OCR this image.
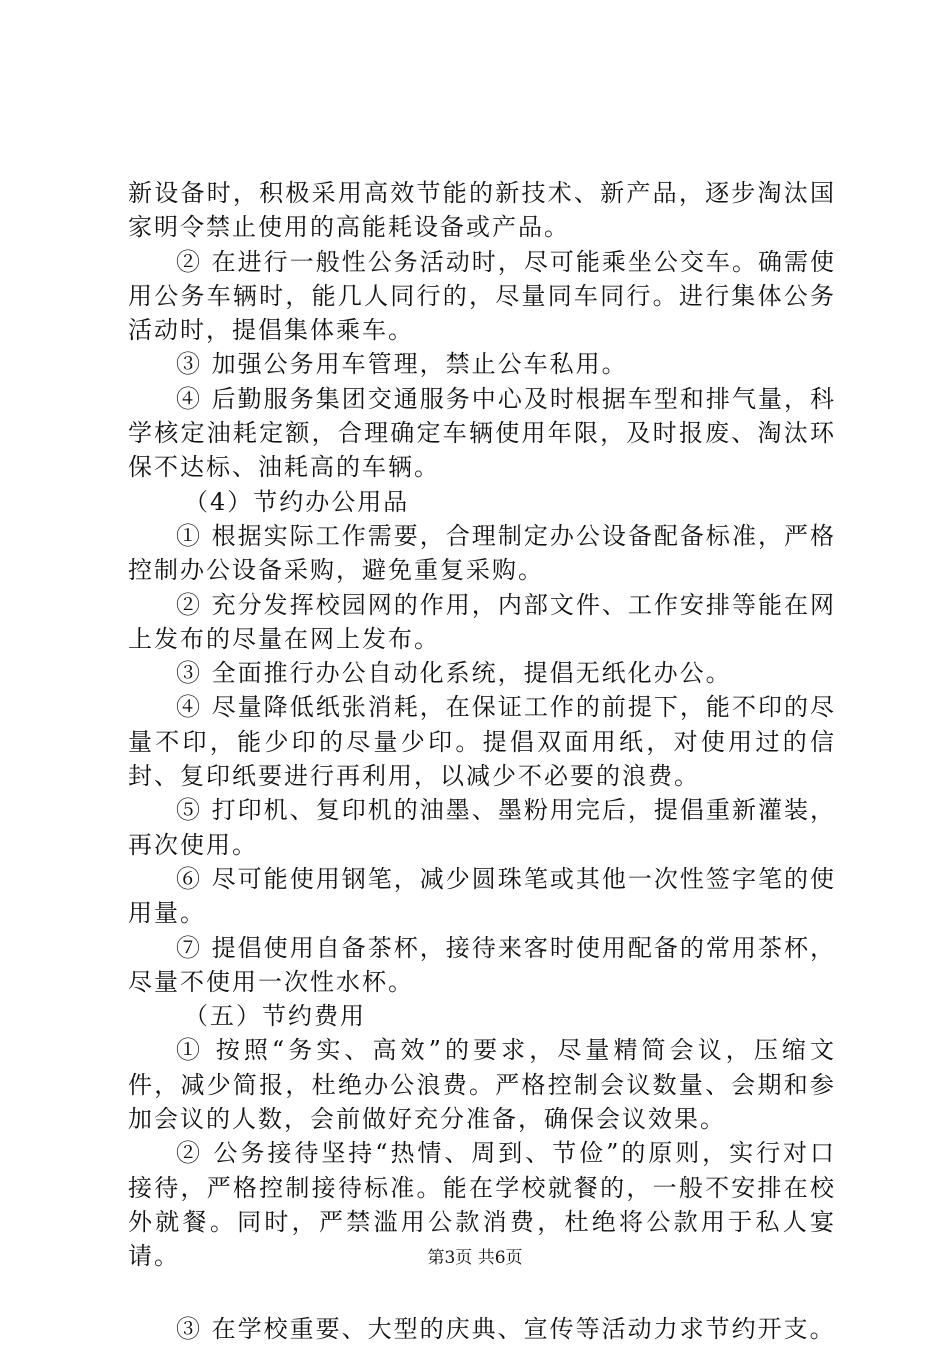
新设备时，积极采用高效节能的新技术、新产品，逐步淘汰国家明令禁止使用的高能耗设备或产品。

② 在进行一般性公务活动时，尽可能乘坐公交车。确需使用公务车辆时，能几人同行的，尽量同车同行。进行集体公务活动时，提倡集体乘车。

③ 加强公务用车管理，禁止公车私用。

④ 后勤服务集团交通服务中心及时根据车型和排气量，科学核定油耗定额，合理确定车辆使用年限，及时报废、淘汰环保不达标、油耗高的车辆。

（4）节约办公用品

① 根据实际工作需要，合理制定办公设备配备标准，严格控制办公设备采购，避免重复采购。

② 充分发挥校园网的作用，内部文件、工作安排等能在网上发布的尽量在网上发布。

③ 全面推行办公自动化系统，提倡无纸化办公。

④ 尽量降低纸张消耗，在保证工作的前提下，能不印的尽量不印，能少印的尽量少印。提倡双面用纸，对使用过的信封、复印纸要进行再利用，以减少不必要的浪费。

⑤ 打印机、复印机的油墨、墨粉用完后，提倡重新灌装，再次使用。

⑥ 尽可能使用钢笔，减少圆珠笔或其他一次性签字笔的使用量。

⑦ 提倡使用自备茶杯，接待来客时使用配备的常用茶杯，尽量不使用一次性水杯。

（五）节约费用

① 按照“务实、高效”的要求，尽量精简会议，压缩文件，减少简报，杜绝办公浪费。严格控制会议数量、会期和参加会议的人数，会前做好充分准备，确保会议效果。

② 公务接待坚持“热情、周到、节俭”的原则，实行对口接待，严格控制接待标准。能在学校就餐的，一般不安排在校外就餐。同时，严禁滥用公款消费，杜绝将公款用于私人宴请。

③ 在学校重要、大型的庆典、宣传等活动力求节约开支。

第3页 共6页
